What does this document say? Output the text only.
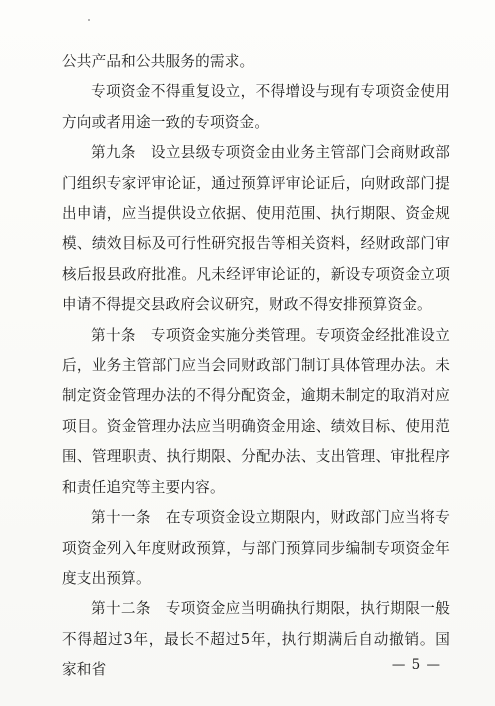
公共产品和公共服务的需求。

专项资金不得重复设立，不得增设与现有专项资金使用方向或者用途一致的专项资金。

第九条　设立县级专项资金由业务主管部门会商财政部门组织专家评审论证，通过预算评审论证后，向财政部门提出申请，应当提供设立依据、使用范围、执行期限、资金规模、绩效目标及可行性研究报告等相关资料，经财政部门审核后报县政府批准。凡未经评审论证的，新设专项资金立项申请不得提交县政府会议研究，财政不得安排预算资金。

第十条　专项资金实施分类管理。专项资金经批准设立后，业务主管部门应当会同财政部门制订具体管理办法。未制定资金管理办法的不得分配资金，逾期未制定的取消对应项目。资金管理办法应当明确资金用途、绩效目标、使用范围、管理职责、执行期限、分配办法、支出管理、审批程序和责任追究等主要内容。

第十一条　在专项资金设立期限内，财政部门应当将专项资金列入年度财政预算，与部门预算同步编制专项资金年度支出预算。

第十二条　专项资金应当明确执行期限，执行期限一般不得超过3年，最长不超过5年，执行期满后自动撤销。国家和省	— 5 —
